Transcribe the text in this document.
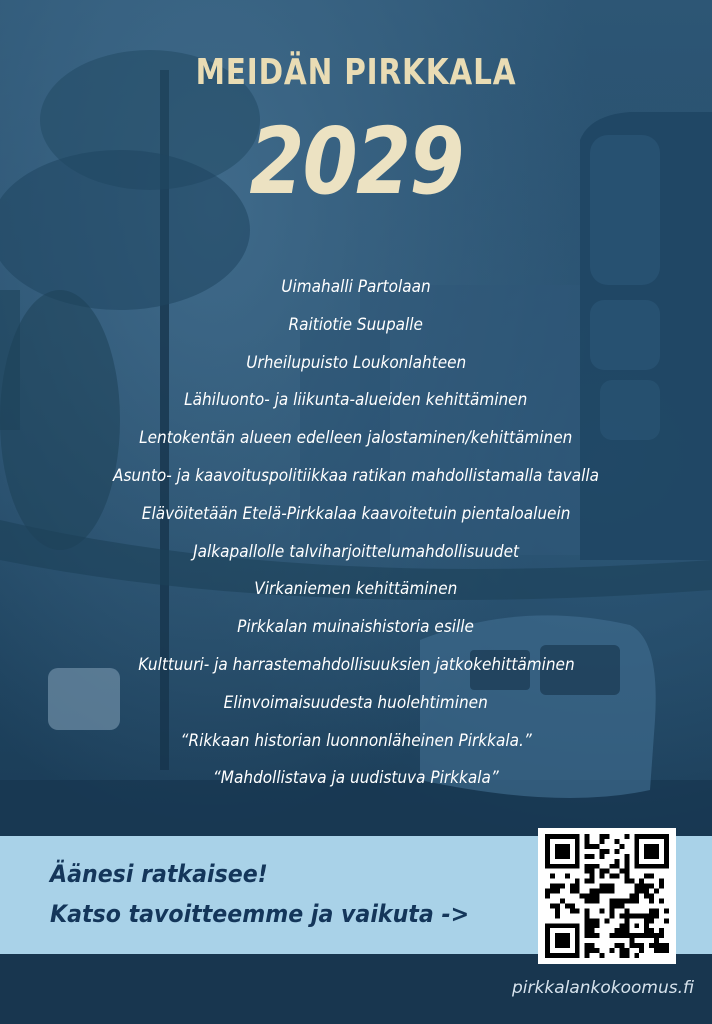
MEIDÄN PIRKKALA
2029
Uimahalli Partolaan
Raitiotie Suupalle
Urheilupuisto Loukonlahteen
Lähiluonto- ja liikunta-alueiden kehittäminen
Lentokentän alueen edelleen jalostaminen/kehittäminen
Asunto- ja kaavoituspolitiikkaa ratikan mahdollistamalla tavalla
Elävöitetään Etelä-Pirkkalaa kaavoitetuin pientaloaluein
Jalkapallolle talviharjoittelumahdollisuudet
Virkaniemen kehittäminen
Pirkkalan muinaishistoria esille
Kulttuuri- ja harrastemahdollisuuksien jatkokehittäminen
Elinvoimaisuudesta huolehtiminen
“Rikkaan historian luonnonläheinen Pirkkala.”
“Mahdollistava ja uudistuva Pirkkala”
Äänesi ratkaisee!
Katso tavoitteemme ja vaikuta ->
pirkkalankokoomus.fi
